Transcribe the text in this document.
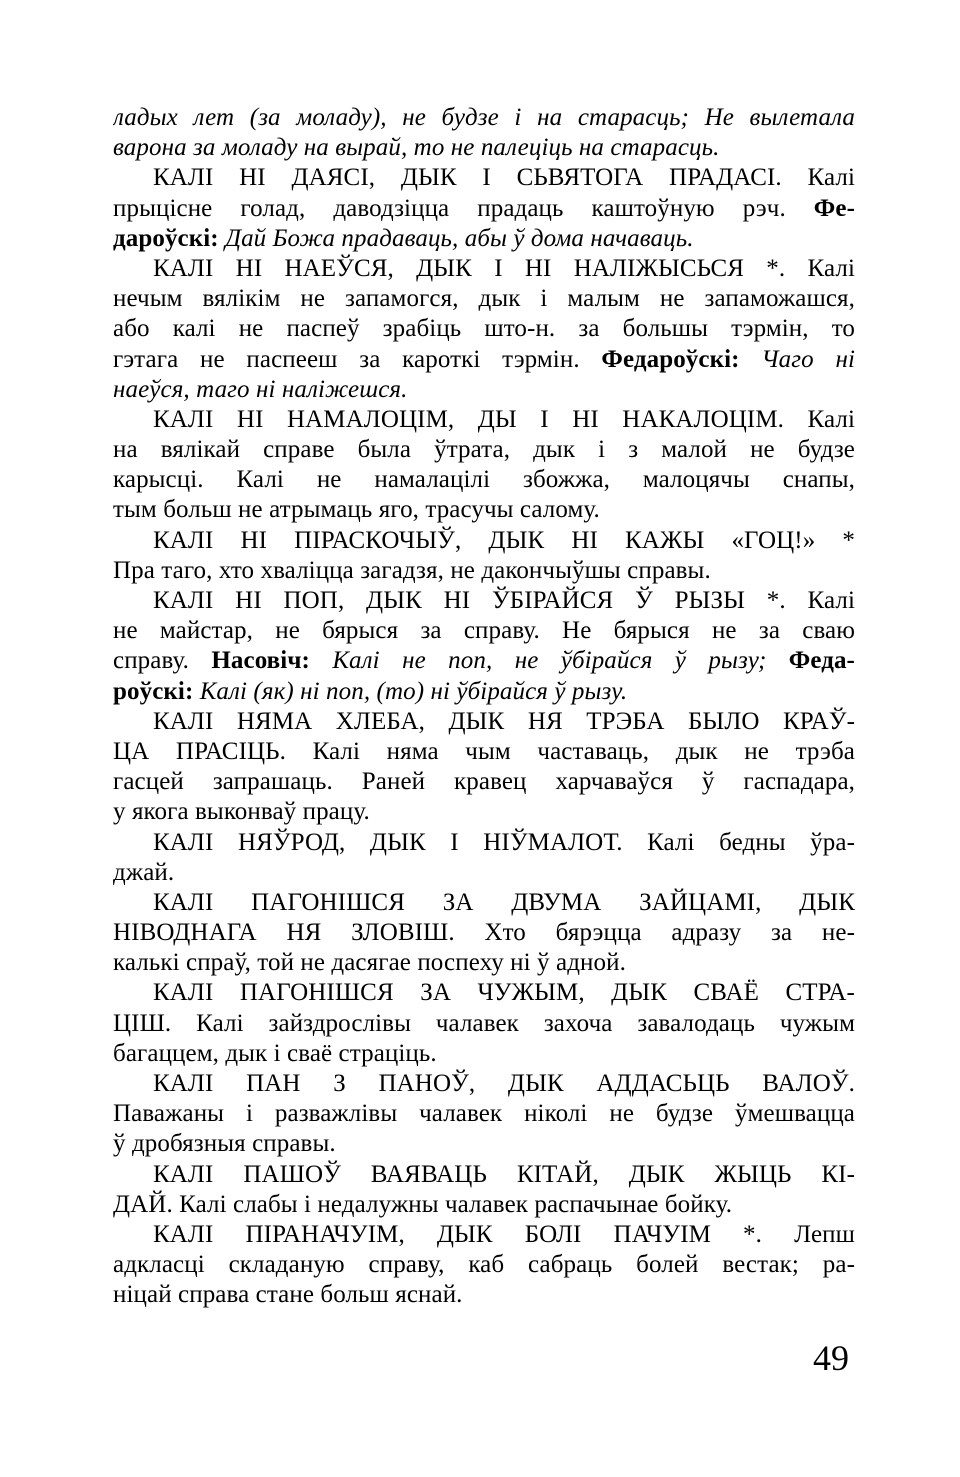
ладых лет (за моладу), не будзе і на старасць; Не вылетала
варона за моладу на вырай, то не палеціць на старасць.
КАЛІ НІ ДАЯСІ, ДЫК І СЬВЯТОГА ПРАДАСІ. Калі
прыцісне голад, даводзіцца прадаць каштоўную рэч. Фе-
дароўскі: Дай Божа прадаваць, абы ў дома начаваць.
КАЛІ НІ НАЕЎСЯ, ДЫК І НІ НАЛІЖЫСЬСЯ *. Калі
нечым вялікім не запамогся, дык і малым не запаможашся,
або калі не паспеў зрабіць што-н. за большы тэрмін, то
гэтага не паспееш за кароткі тэрмін. Федароўскі: Чаго ні
наеўся, таго ні наліжешся.
КАЛІ НІ НАМАЛОЦІМ, ДЫ І НІ НАКАЛОЦІМ. Калі
на вялікай справе была ўтрата, дык і з малой не будзе
карысці. Калі не намалацілі збожжа, малоцячы снапы,
тым больш не атрымаць яго, трасучы салому.
КАЛІ НІ ПІРАСКОЧЫЎ, ДЫК НІ КАЖЫ «ГОЦ!» *
Пра таго, хто хваліцца загадзя, не дакончыўшы справы.
КАЛІ НІ ПОП, ДЫК НІ ЎБІРАЙСЯ Ў РЫЗЫ *. Калі
не майстар, не бярыся за справу. Не бярыся не за сваю
справу. Насовіч: Калі не поп, не ўбірайся ў рызу; Феда-
роўскі: Калі (як) ні поп, (то) ні ўбірайся ў рызу.
КАЛІ НЯМА ХЛЕБА, ДЫК НЯ ТРЭБА БЫЛО КРАЎ-
ЦА ПРАСІЦЬ. Калі няма чым частаваць, дык не трэба
гасцей запрашаць. Раней кравец харчаваўся ў гаспадара,
у якога выконваў працу.
КАЛІ НЯЎРОД, ДЫК І НІЎМАЛОТ. Калі бедны ўра-
джай.
КАЛІ ПАГОНІШСЯ ЗА ДВУМА ЗАЙЦАМІ, ДЫК
НІВОДНАГА НЯ ЗЛОВІШ. Хто бярэцца адразу за не-
калькі спраў, той не дасягае поспеху ні ў адной.
КАЛІ ПАГОНІШСЯ ЗА ЧУЖЫМ, ДЫК СВАЁ СТРА-
ЦІШ. Калі зайздрослівы чалавек захоча завалодаць чужым
багаццем, дык і сваё страціць.
КАЛІ ПАН З ПАНОЎ, ДЫК АДДАСЬЦЬ ВАЛОЎ.
Паважаны і разважлівы чалавек ніколі не будзе ўмешвацца
ў дробязныя справы.
КАЛІ ПАШОЎ ВАЯВАЦЬ КІТАЙ, ДЫК ЖЫЦЬ КІ-
ДАЙ. Калі слабы і недалужны чалавек распачынае бойку.
КАЛІ ПІРАНАЧУІМ, ДЫК БОЛІ ПАЧУІМ *. Лепш
адкласці складаную справу, каб сабраць болей вестак; ра-
ніцай справа стане больш яснай.
49
